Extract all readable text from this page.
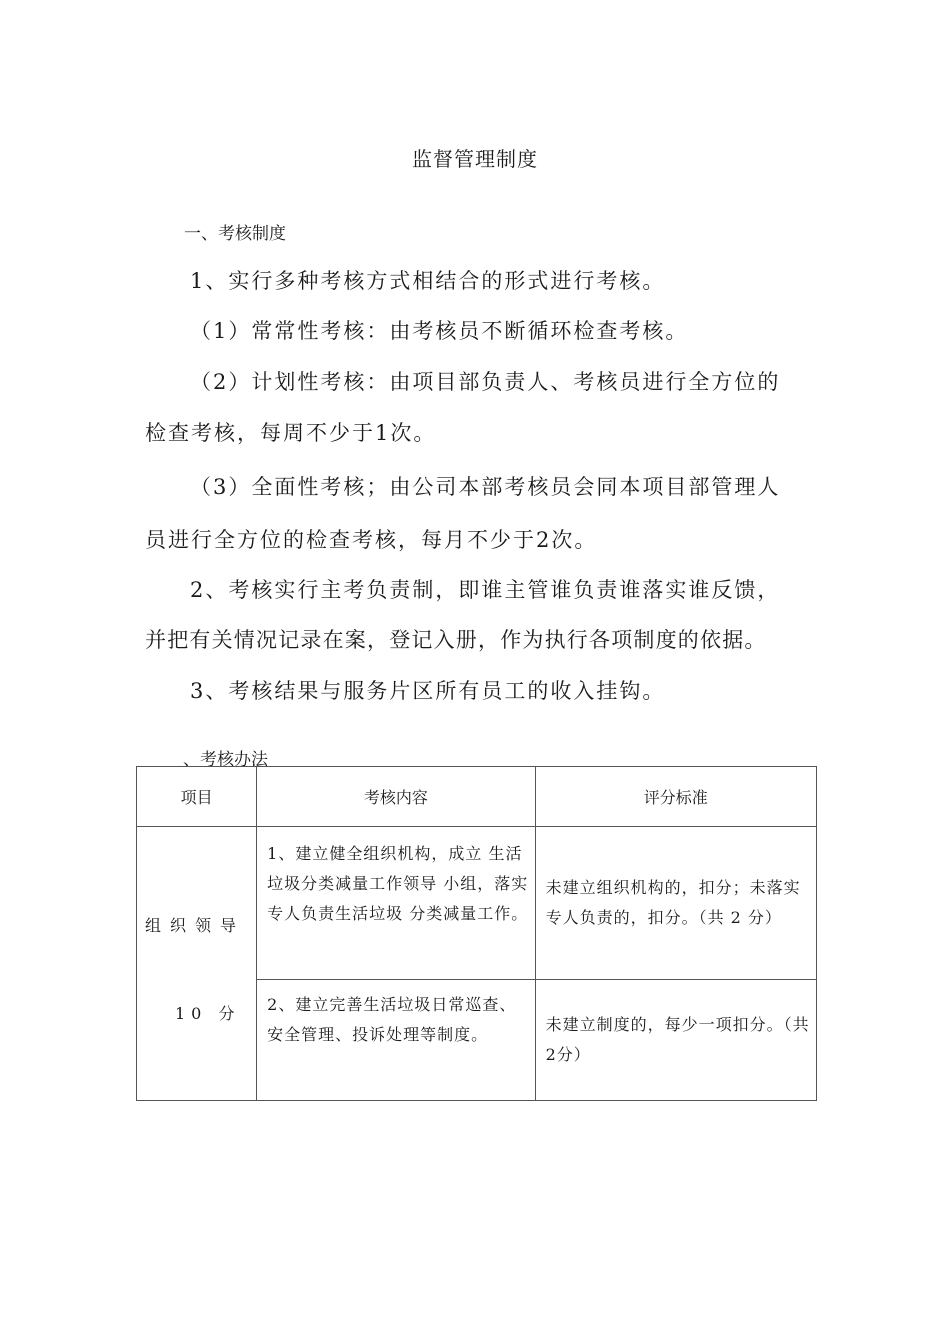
监督管理制度
一、考核制度
1、实行多种考核方式相结合的形式进行考核。
（1）常常性考核：由考核员不断循环检查考核。
（2）计划性考核：由项目部负责人、考核员进行全方位的
检查考核，每周不少于1次。
（3）全面性考核；由公司本部考核员会同本项目部管理人
员进行全方位的检查考核，每月不少于2次。
2、考核实行主考负责制，即谁主管谁负责谁落实谁反馈，
并把有关情况记录在案，登记入册，作为执行各项制度的依据。
3、考核结果与服务片区所有员工的收入挂钩。
、考核办法
项目	考核内容	评分标准

组织领导
10 分	1、建立健全组织机构，成立 生活垃圾分类减量工作领导 小组，落实专人负责生活垃圾 分类减量工作。	未建立组织机构的，扣分；未落实专人负责的，扣分。（共 2 分）
	2、建立完善生活垃圾日常巡查、安全管理、投诉处理等制度。	未建立制度的，每少一项扣分。（共2分）
